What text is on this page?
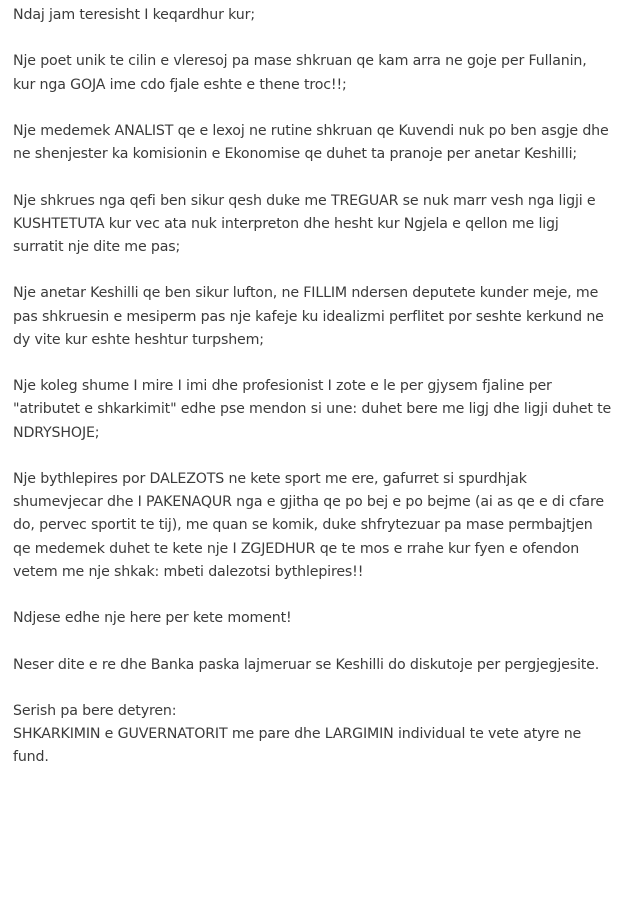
Ndaj jam teresisht I keqardhur kur;

Nje poet unik te cilin e vleresoj pa mase shkruan qe kam arra ne goje per Fullanin, kur nga GOJA ime cdo fjale eshte e thene troc!!;

Nje medemek ANALIST qe e lexoj ne rutine shkruan qe Kuvendi nuk po ben asgje dhe ne shenjester ka komisionin e Ekonomise qe duhet ta pranoje per anetar Keshilli;

Nje shkrues nga qefi ben sikur qesh duke me TREGUAR se nuk marr vesh nga ligji e KUSHTETUTA kur vec ata nuk interpreton dhe hesht kur Ngjela e qellon me ligj surratit nje dite me pas;

Nje anetar Keshilli qe ben sikur lufton, ne FILLIM ndersen deputete kunder meje, me pas shkruesin e mesiperm pas nje kafeje ku idealizmi perflitet por seshte kerkund ne dy vite kur eshte heshtur turpshem;

Nje koleg shume I mire I imi dhe profesionist I zote e le per gjysem fjaline per "atributet e shkarkimit" edhe pse mendon si une: duhet bere me ligj dhe ligji duhet te NDRYSHOJE;

Nje bythlepires por DALEZOTS ne kete sport me ere, gafurret si spurdhjak shumevjecar dhe I PAKENAQUR nga e gjitha qe po bej e po bejme (ai as qe e di cfare do, pervec sportit te tij), me quan se komik, duke shfrytezuar pa mase permbajtjen qe medemek duhet te kete nje I ZGJEDHUR qe te mos e rrahe kur fyen e ofendon vetem me nje shkak: mbeti dalezotsi bythlepires!!

Ndjese edhe nje here per kete moment!

Neser dite e re dhe Banka paska lajmeruar se Keshilli do diskutoje per pergjegjesite.

Serish pa bere detyren:
SHKARKIMIN e GUVERNATORIT me pare dhe LARGIMIN individual te vete atyre ne fund.
